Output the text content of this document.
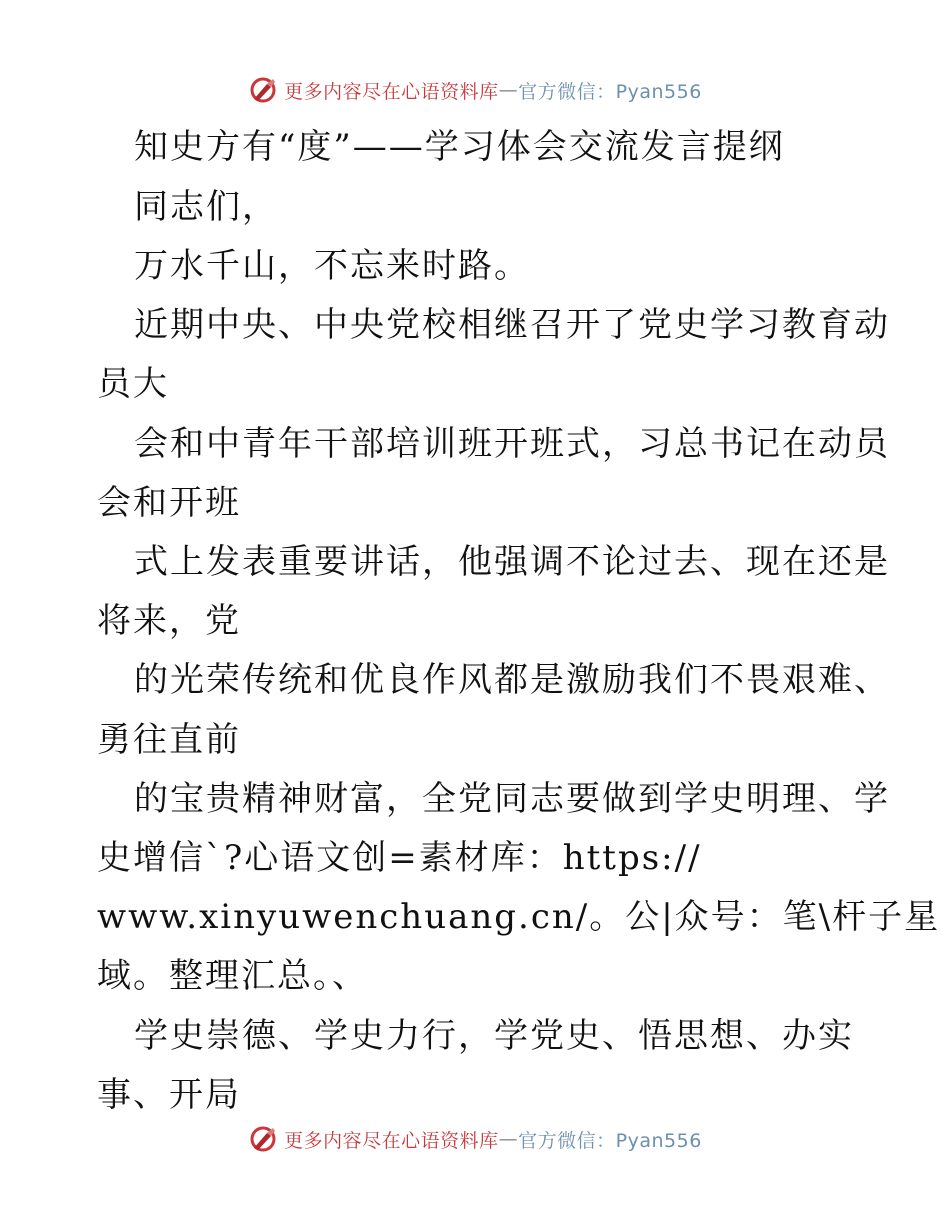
更多内容尽在心语资料库 — 官方微信：Pyan556
知史方有“度”——学习体会交流发言提纲
同志们，
万水千山，不忘来时路。
近期中央、中央党校相继召开了党史学习教育动
员大
会和中青年干部培训班开班式，习总书记在动员
会和开班
式上发表重要讲话，他强调不论过去、现在还是
将来，党
的光荣传统和优良作风都是激励我们不畏艰难、
勇往直前
的宝贵精神财富，全党同志要做到学史明理、学
史增信`?心语文创=素材库：https://
www.xinyuwenchuang.cn/。公|众号：笔\杆子星
域。整理汇总。、
学史崇德、学史力行，学党史、悟思想、办实
事、开局
更多内容尽在心语资料库 — 官方微信：Pyan556
